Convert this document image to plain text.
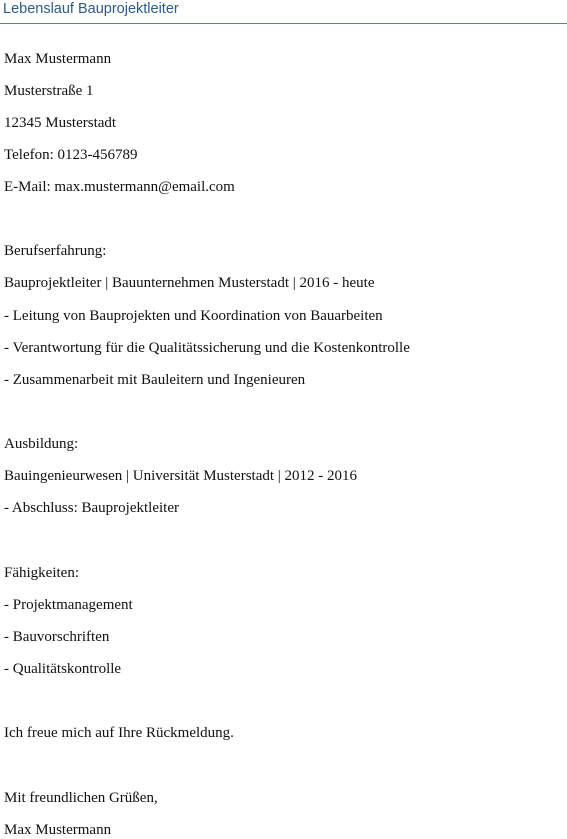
Lebenslauf Bauprojektleiter
Max Mustermann
Musterstraße 1
12345 Musterstadt
Telefon: 0123-456789
E-Mail: max.mustermann@email.com
Berufserfahrung:
Bauprojektleiter | Bauunternehmen Musterstadt | 2016 - heute
- Leitung von Bauprojekten und Koordination von Bauarbeiten
- Verantwortung für die Qualitätssicherung und die Kostenkontrolle
- Zusammenarbeit mit Bauleitern und Ingenieuren
Ausbildung:
Bauingenieurwesen | Universität Musterstadt | 2012 - 2016
- Abschluss: Bauprojektleiter
Fähigkeiten:
- Projektmanagement
- Bauvorschriften
- Qualitätskontrolle
Ich freue mich auf Ihre Rückmeldung.
Mit freundlichen Grüßen,
Max Mustermann
